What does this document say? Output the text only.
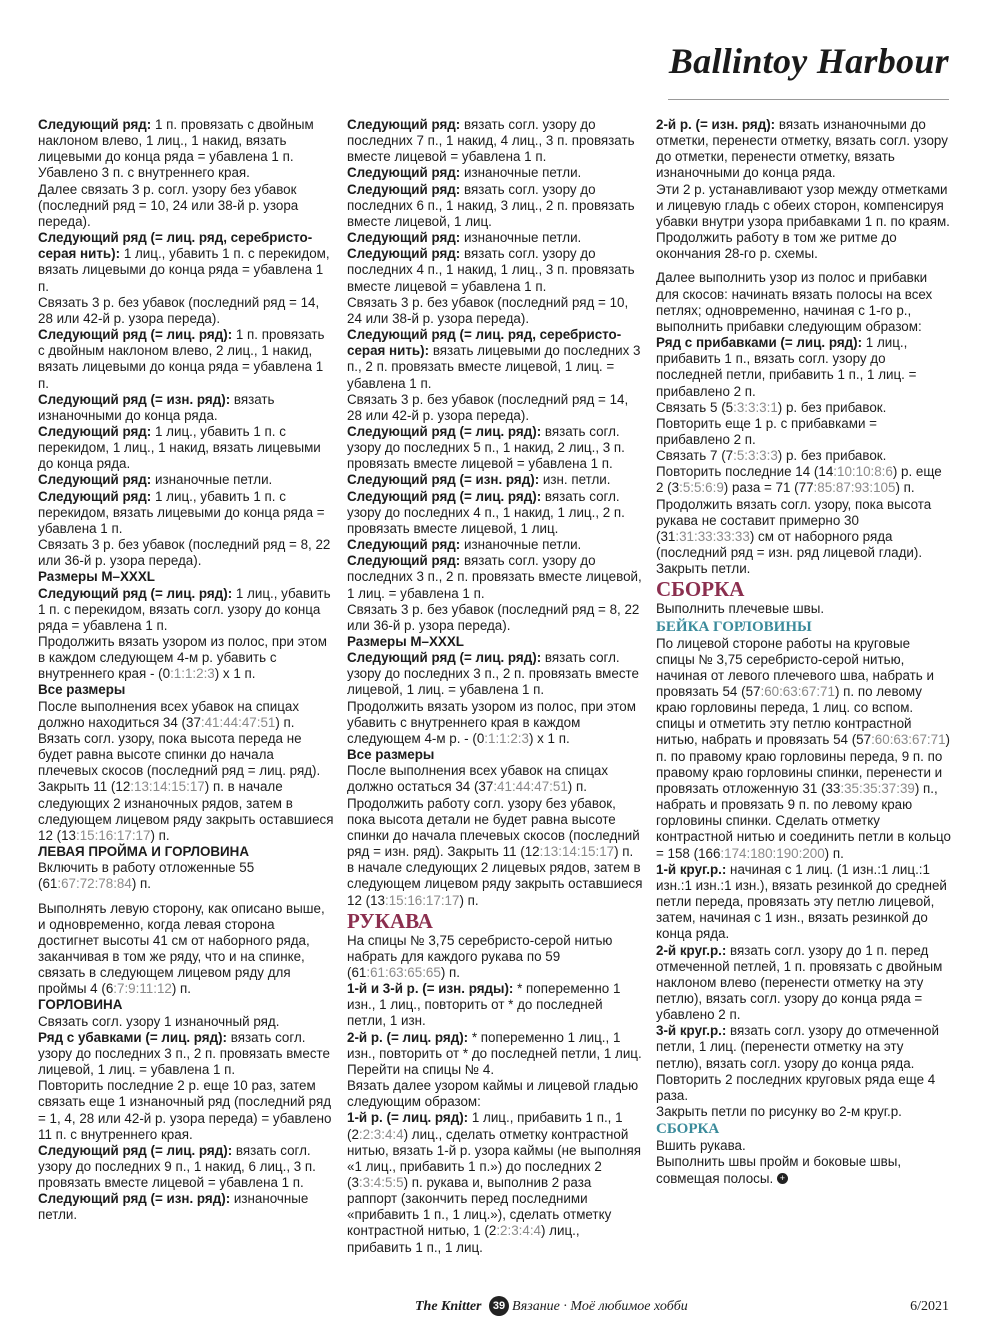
Ballintoy Harbour

Следующий ряд: 1 п. провязать с двойным наклоном влево, 1 лиц., 1 накид, вязать лицевыми до конца ряда = убавлена 1 п. Убавлено 3 п. с внутреннего края.

Далее связать 3 р. согл. узору без убавок (последний ряд = 10, 24 или 38-й р. узора переда).

Следующий ряд (= лиц. ряд, серебристо-серая нить): 1 лиц., убавить 1 п. с перекидом, вязать лицевыми до конца ряда = убавлена 1 п.

Связать 3 р. без убавок (последний ряд = 14, 28 или 42-й р. узора переда).

Следующий ряд (= лиц. ряд): 1 п. провязать с двойным наклоном влево, 2 лиц., 1 накид, вязать лицевыми до конца ряда = убавлена 1 п.

Следующий ряд (= изн. ряд): вязать изнаночными до конца ряда.

Следующий ряд: 1 лиц., убавить 1 п. с перекидом, 1 лиц., 1 накид, вязать лицевыми до конца ряда.

Следующий ряд: изнаночные петли.

Следующий ряд: 1 лиц., убавить 1 п. с перекидом, вязать лицевыми до конца ряда = убавлена 1 п.

Связать 3 р. без убавок (последний ряд = 8, 22 или 36-й р. узора переда).

Размеры M–XXXL

Следующий ряд (= лиц. ряд): 1 лиц., убавить 1 п. с перекидом, вязать согл. узору до конца ряда = убавлена 1 п.

Продолжить вязать узором из полос, при этом в каждом следующем 4-м р. убавить с внутреннего края - (0:1:1:2:3) х 1 п.

Все размеры

После выполнения всех убавок на спицах должно находиться 34 (37:41:44:47:51) п.

Вязать согл. узору, пока высота переда не будет равна высоте спинки до начала плечевых скосов (последний ряд = лиц. ряд).

Закрыть 11 (12:13:14:15:17) п. в начале следующих 2 изнаночных рядов, затем в следующем лицевом ряду закрыть оставшиеся 12 (13:15:16:17:17) п.

ЛЕВАЯ ПРОЙМА И ГОРЛОВИНА

Включить в работу отложенные 55 (61:67:72:78:84) п.

Выполнять левую сторону, как описано выше, и одновременно, когда левая сторона достигнет высоты 41 см от наборного ряда, заканчивая в том же ряду, что и на спинке, связать в следующем лицевом ряду для проймы 4 (6:7:9:11:12) п.

ГОРЛОВИНА

Связать согл. узору 1 изнаночный ряд.

Ряд с убавками (= лиц. ряд): вязать согл. узору до последних 3 п., 2 п. провязать вместе лицевой, 1 лиц. = убавлена 1 п.

Повторить последние 2 р. еще 10 раз, затем связать еще 1 изнаночный ряд (последний ряд = 1, 4, 28 или 42-й р. узора переда) = убавлено 11 п. с внутреннего края.

Следующий ряд (= лиц. ряд): вязать согл. узору до последних 9 п., 1 накид, 6 лиц., 3 п. провязать вместе лицевой = убавлена 1 п.

Следующий ряд (= изн. ряд): изнаночные петли.

Следующий ряд: вязать согл. узору до последних 7 п., 1 накид, 4 лиц., 3 п. провязать вместе лицевой = убавлена 1 п.

Следующий ряд: изнаночные петли.

Следующий ряд: вязать согл. узору до последних 6 п., 1 накид, 3 лиц., 2 п. провязать вместе лицевой, 1 лиц.

Следующий ряд: изнаночные петли.

Следующий ряд: вязать согл. узору до последних 4 п., 1 накид, 1 лиц., 3 п. провязать вместе лицевой = убавлена 1 п.

Связать 3 р. без убавок (последний ряд = 10, 24 или 38-й р. узора переда).

Следующий ряд (= лиц. ряд, серебристо-серая нить): вязать лицевыми до последних 3 п., 2 п. провязать вместе лицевой, 1 лиц. = убавлена 1 п.

Связать 3 р. без убавок (последний ряд = 14, 28 или 42-й р. узора переда).

Следующий ряд (= лиц. ряд): вязать согл. узору до последних 5 п., 1 накид, 2 лиц., 3 п. провязать вместе лицевой = убавлена 1 п.

Следующий ряд (= изн. ряд): изн. петли.

Следующий ряд (= лиц. ряд): вязать согл. узору до последних 4 п., 1 накид, 1 лиц., 2 п. провязать вместе лицевой, 1 лиц.

Следующий ряд: изнаночные петли.

Следующий ряд: вязать согл. узору до последних 3 п., 2 п. провязать вместе лицевой, 1 лиц. = убавлена 1 п.

Связать 3 р. без убавок (последний ряд = 8, 22 или 36-й р. узора переда).

Размеры M–XXXL

Следующий ряд (= лиц. ряд): вязать согл. узору до последних 3 п., 2 п. провязать вместе лицевой, 1 лиц. = убавлена 1 п.

Продолжить вязать узором из полос, при этом убавить с внутреннего края в каждом следующем 4-м р. - (0:1:1:2:3) х 1 п.

Все размеры

После выполнения всех убавок на спицах должно остаться 34 (37:41:44:47:51) п.

Продолжить работу согл. узору без убавок, пока высота детали не будет равна высоте спинки до начала плечевых скосов (последний ряд = изн. ряд). Закрыть 11 (12:13:14:15:17) п. в начале следующих 2 лицевых рядов, затем в следующем лицевом ряду закрыть оставшиеся 12 (13:15:16:17:17) п.

РУКАВА

На спицы № 3,75 серебристо-серой нитью набрать для каждого рукава по 59 (61:61:63:65:65) п.

1-й и 3-й р. (= изн. ряды): * попеременно 1 изн., 1 лиц., повторить от * до последней петли, 1 изн.

2-й р. (= лиц. ряд): * попеременно 1 лиц., 1 изн., повторить от * до последней петли, 1 лиц. Перейти на спицы № 4.

Вязать далее узором каймы и лицевой гладью следующим образом:

1-й р. (= лиц. ряд): 1 лиц., прибавить 1 п., 1 (2:2:3:4:4) лиц., сделать отметку контрастной нитью, вязать 1-й р. узора каймы (не выполняя «1 лиц., прибавить 1 п.») до последних 2 (3:3:4:5:5) п. рукава и, выполнив 2 раза раппорт (закончить перед последними «прибавить 1 п., 1 лиц.»), сделать отметку контрастной нитью, 1 (2:2:3:4:4) лиц., прибавить 1 п., 1 лиц.

2-й р. (= изн. ряд): вязать изнаночными до отметки, перенести отметку, вязать согл. узору до отметки, перенести отметку, вязать изнаночными до конца ряда.

Эти 2 р. устанавливают узор между отметками и лицевую гладь с обеих сторон, компенсируя убавки внутри узора прибавками 1 п. по краям. Продолжить работу в том же ритме до окончания 28-го р. схемы.

Далее выполнить узор из полос и прибавки для скосов: начинать вязать полосы на всех петлях; одновременно, начиная с 1-го р., выполнить прибавки следующим образом:

Ряд с прибавками (= лиц. ряд): 1 лиц., прибавить 1 п., вязать согл. узору до последней петли, прибавить 1 п., 1 лиц. = прибавлено 2 п.

Связать 5 (5:3:3:3:1) р. без прибавок.

Повторить еще 1 р. с прибавками = прибавлено 2 п.

Связать 7 (7:5:3:3:3) р. без прибавок.

Повторить последние 14 (14:10:10:8:6) р. еще 2 (3:5:5:6:9) раза = 71 (77:85:87:93:105) п.

Продолжить вязать согл. узору, пока высота рукава не составит примерно 30 (31:31:33:33:33) см от наборного ряда (последний ряд = изн. ряд лицевой глади).

Закрыть петли.

СБОРКА

Выполнить плечевые швы.

БЕЙКА ГОРЛОВИНЫ

По лицевой стороне работы на круговые спицы № 3,75 серебристо-серой нитью, начиная от левого плечевого шва, набрать и провязать 54 (57:60:63:67:71) п. по левому краю горловины переда, 1 лиц. со вспом. спицы и отметить эту петлю контрастной нитью, набрать и провязать 54 (57:60:63:67:71) п. по правому краю горловины переда, 9 п. по правому краю горловины спинки, перенести и провязать отложенную 31 (33:35:35:37:39) п., набрать и провязать 9 п. по левому краю горловины спинки. Сделать отметку контрастной нитью и соединить петли в кольцо = 158 (166:174:180:190:200) п.

1-й круг.р.: начиная с 1 лиц. (1 изн.:1 лиц.:1 изн.:1 изн.:1 изн.), вязать резинкой до средней петли переда, провязать эту петлю лицевой, затем, начиная с 1 изн., вязать резинкой до конца ряда.

2-й круг.р.: вязать согл. узору до 1 п. перед отмеченной петлей, 1 п. провязать с двойным наклоном влево (перенести отметку на эту петлю), вязать согл. узору до конца ряда = убавлено 2 п.

3-й круг.р.: вязать согл. узору до отмеченной петли, 1 лиц. (перенести отметку на эту петлю), вязать согл. узору до конца ряда. Повторить 2 последних круговых ряда еще 4 раза.

Закрыть петли по рисунку во 2-м круг.р.

СБОРКА

Вшить рукава.

Выполнить швы пройм и боковые швы, совмещая полосы. +

The Knitter	39 Вязание · Моё любимое хобби	6/2021
